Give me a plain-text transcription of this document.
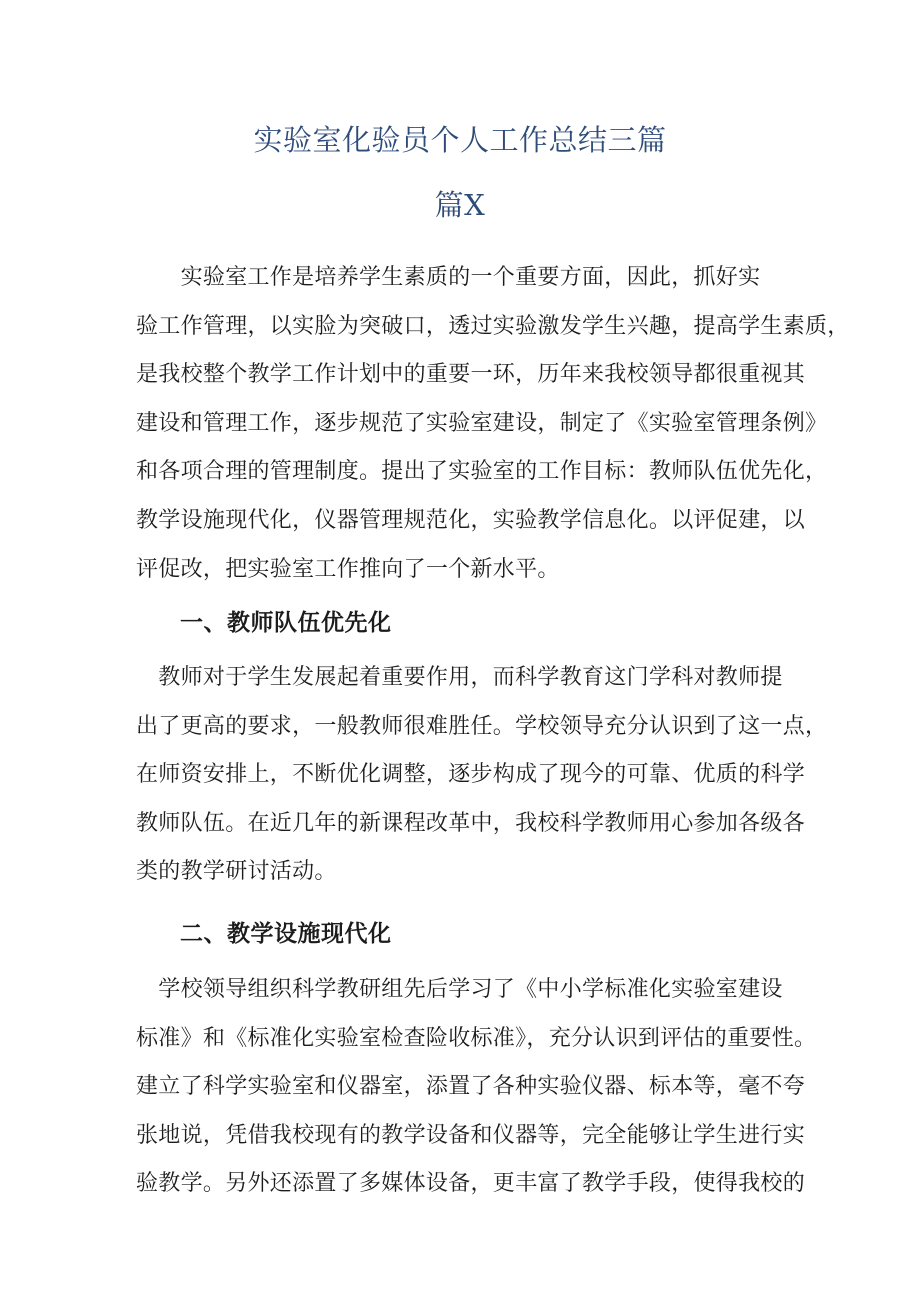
实验室化验员个人工作总结三篇
篇X
　　实验室工作是培养学生素质的一个重要方面，因此，抓好实
验工作管理，以实脸为突破口，透过实验激发学生兴趣，提高学生素质，
是我校整个教学工作计划中的重要一环，历年来我校领导都很重视其
建设和管理工作，逐步规范了实验室建设，制定了《实验室管理条例》
和各项合理的管理制度。提出了实验室的工作目标：教师队伍优先化，
教学设施现代化，仪器管理规范化，实验教学信息化。以评促建，以
评促改，把实验室工作推向了一个新水平。
一、教师队伍优先化
　教师对于学生发展起着重要作用，而科学教育这门学科对教师提
出了更高的要求，一般教师很难胜任。学校领导充分认识到了这一点，
在师资安排上，不断优化调整，逐步构成了现今的可靠、优质的科学
教师队伍。在近几年的新课程改革中，我校科学教师用心参加各级各
类的教学研讨活动。
二、教学设施现代化
　学校领导组织科学教研组先后学习了《中小学标准化实验室建设
标准》和《标准化实验室检查险收标准》，充分认识到评估的重要性。
建立了科学实验室和仪器室，添置了各种实验仪器、标本等，毫不夸
张地说，凭借我校现有的教学设备和仪器等，完全能够让学生进行实
验教学。另外还添置了多媒体设备，更丰富了教学手段，使得我校的
